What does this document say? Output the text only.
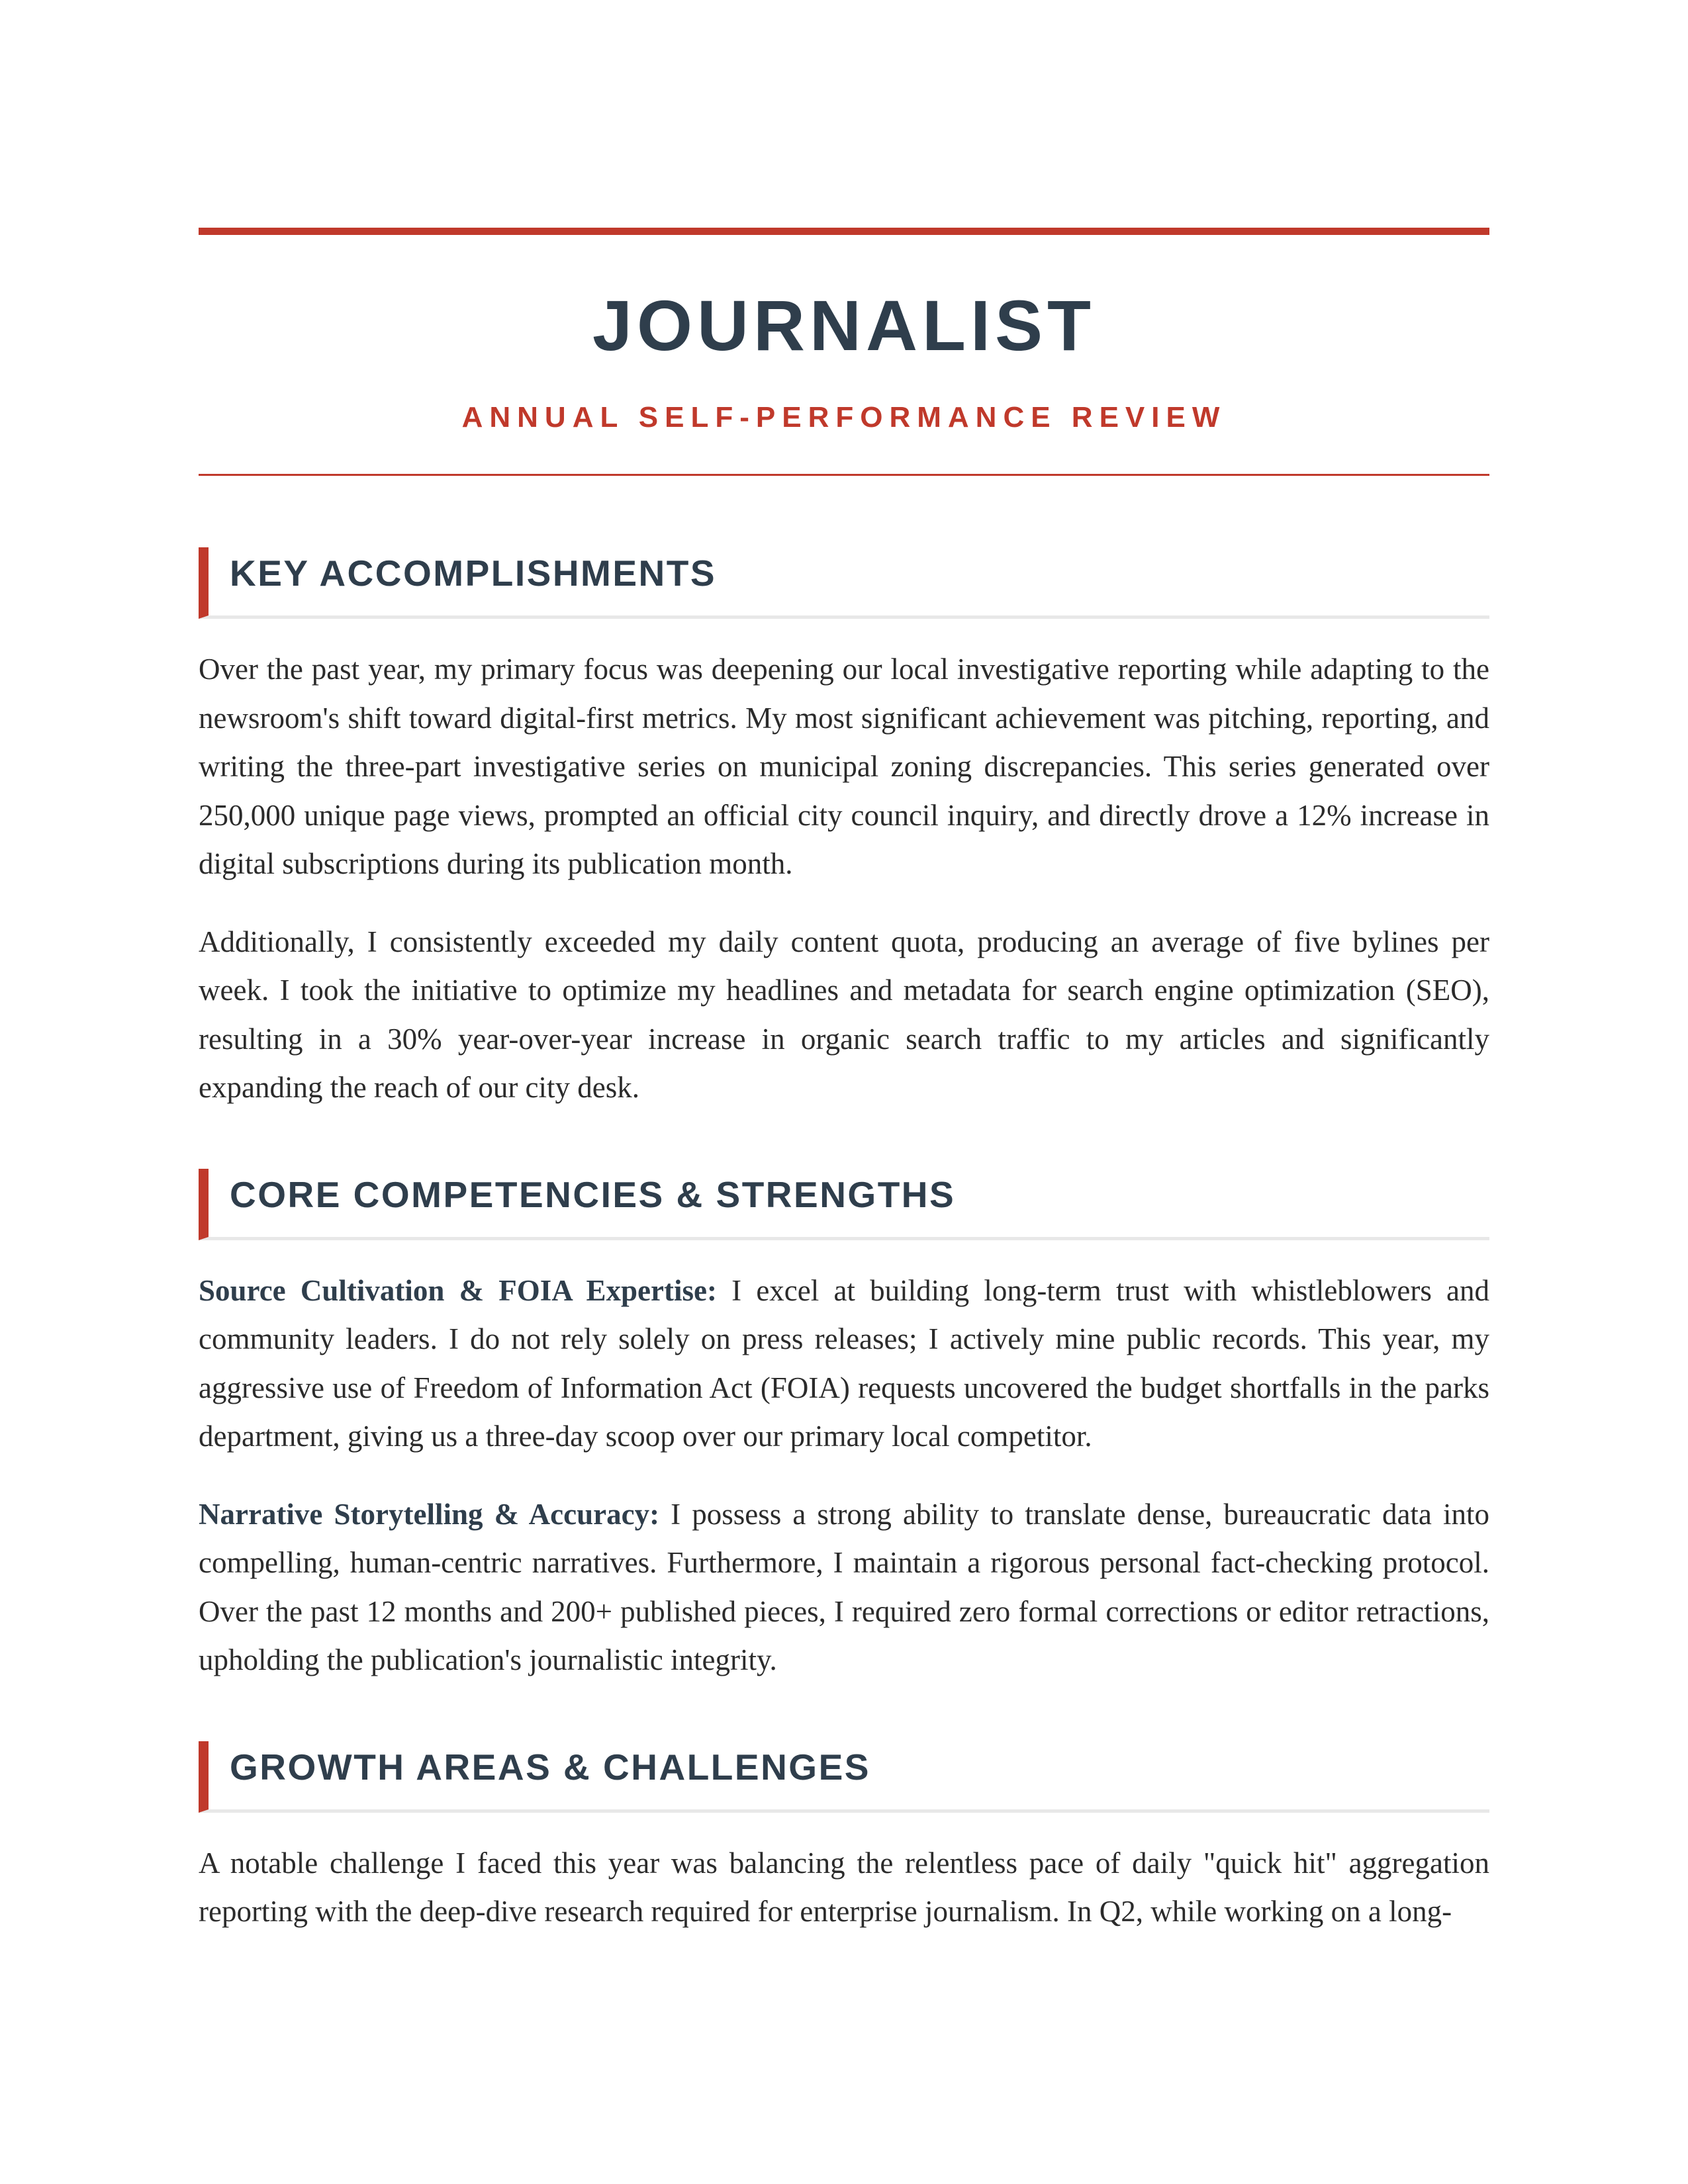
JOURNALIST
ANNUAL SELF-PERFORMANCE REVIEW
KEY ACCOMPLISHMENTS

Over the past year, my primary focus was deepening our local investigative reporting while adapting to the newsroom's shift toward digital-first metrics. My most significant achievement was pitching, reporting, and writing the three-part investigative series on municipal zoning discrepancies. This series generated over 250,000 unique page views, prompted an official city council inquiry, and directly drove a 12% increase in digital subscriptions during its publication month.

Additionally, I consistently exceeded my daily content quota, producing an average of five bylines per week. I took the initiative to optimize my headlines and metadata for search engine optimization (SEO), resulting in a 30% year-over-year increase in organic search traffic to my articles and significantly expanding the reach of our city desk.

CORE COMPETENCIES & STRENGTHS

Source Cultivation & FOIA Expertise: I excel at building long-term trust with whistleblowers and community leaders. I do not rely solely on press releases; I actively mine public records. This year, my aggressive use of Freedom of Information Act (FOIA) requests uncovered the budget shortfalls in the parks department, giving us a three-day scoop over our primary local competitor.

Narrative Storytelling & Accuracy: I possess a strong ability to translate dense, bureaucratic data into compelling, human-centric narratives. Furthermore, I maintain a rigorous personal fact-checking protocol. Over the past 12 months and 200+ published pieces, I required zero formal corrections or editor retractions, upholding the publication's journalistic integrity.

GROWTH AREAS & CHALLENGES

A notable challenge I faced this year was balancing the relentless pace of daily "quick hit" aggregation reporting with the deep-dive research required for enterprise journalism. In Q2, while working on a long-
